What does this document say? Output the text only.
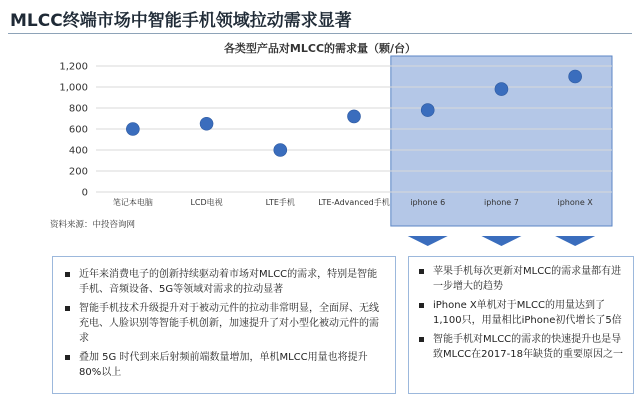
MLCC终端市场中智能手机领域拉动需求显著
0
200
400
600
800
1,000
1,200
笔记本电脑	LCD电视	LTE手机	LTE-Advanced手机	iphone 6	iphone 7	iphone X
各类型产品对MLCC的需求量（颗/台）
资料来源：中投咨询网
近年来消费电子的创新持续驱动着市场对MLCC的需求，特别是智能手机、音频设备、5G等领域对需求的拉动显著
智能手机技术升级提升对于被动元件的拉动非常明显，全面屏、无线充电、人脸识别等智能手机创新，加速提升了对小型化被动元件的需求
叠加 5G 时代到来后射频前端数量增加，单机MLCC用量也将提升80%以上
苹果手机每次更新对MLCC的需求量都有进一步增大的趋势
iPhone X单机对于MLCC的用量达到了1,100只，用量相比iPhone初代增长了5倍
智能手机对MLCC的需求的快速提升也是导致MLCC在2017-18年缺货的重要原因之一
